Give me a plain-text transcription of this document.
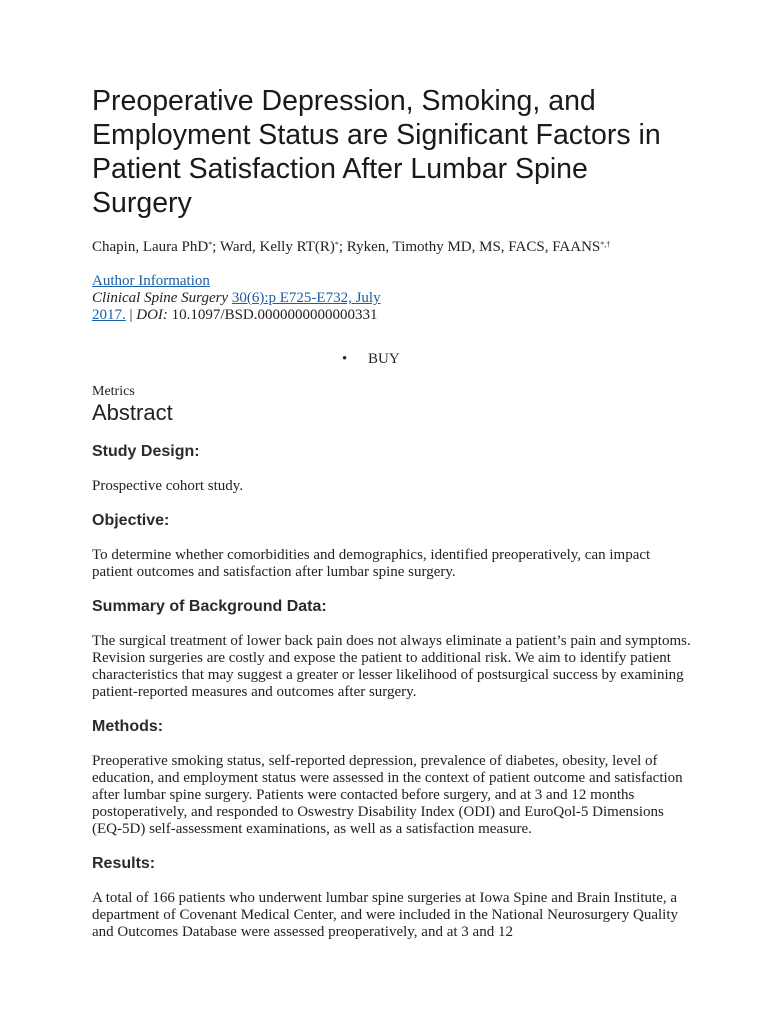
Preoperative Depression, Smoking, and Employment Status are Significant Factors in Patient Satisfaction After Lumbar Spine Surgery
Chapin, Laura PhD*; Ward, Kelly RT(R)*; Ryken, Timothy MD, MS, FACS, FAANS*,†
Author Information
Clinical Spine Surgery 30(6):p E725-E732, July
2017. | DOI: 10.1097/BSD.0000000000000331
• BUY
Metrics
Abstract
Study Design:

Prospective cohort study.

Objective:

To determine whether comorbidities and demographics, identified preoperatively, can impact patient outcomes and satisfaction after lumbar spine surgery.

Summary of Background Data:

The surgical treatment of lower back pain does not always eliminate a patient’s pain and symptoms. Revision surgeries are costly and expose the patient to additional risk. We aim to identify patient characteristics that may suggest a greater or lesser likelihood of postsurgical success by examining patient-reported measures and outcomes after surgery.

Methods:

Preoperative smoking status, self-reported depression, prevalence of diabetes, obesity, level of education, and employment status were assessed in the context of patient outcome and satisfaction after lumbar spine surgery. Patients were contacted before surgery, and at 3 and 12 months postoperatively, and responded to Oswestry Disability Index (ODI) and EuroQol-5 Dimensions (EQ-5D) self-assessment examinations, as well as a satisfaction measure.

Results:

A total of 166 patients who underwent lumbar spine surgeries at Iowa Spine and Brain Institute, a department of Covenant Medical Center, and were included in the National Neurosurgery Quality and Outcomes Database were assessed preoperatively, and at 3 and 12
